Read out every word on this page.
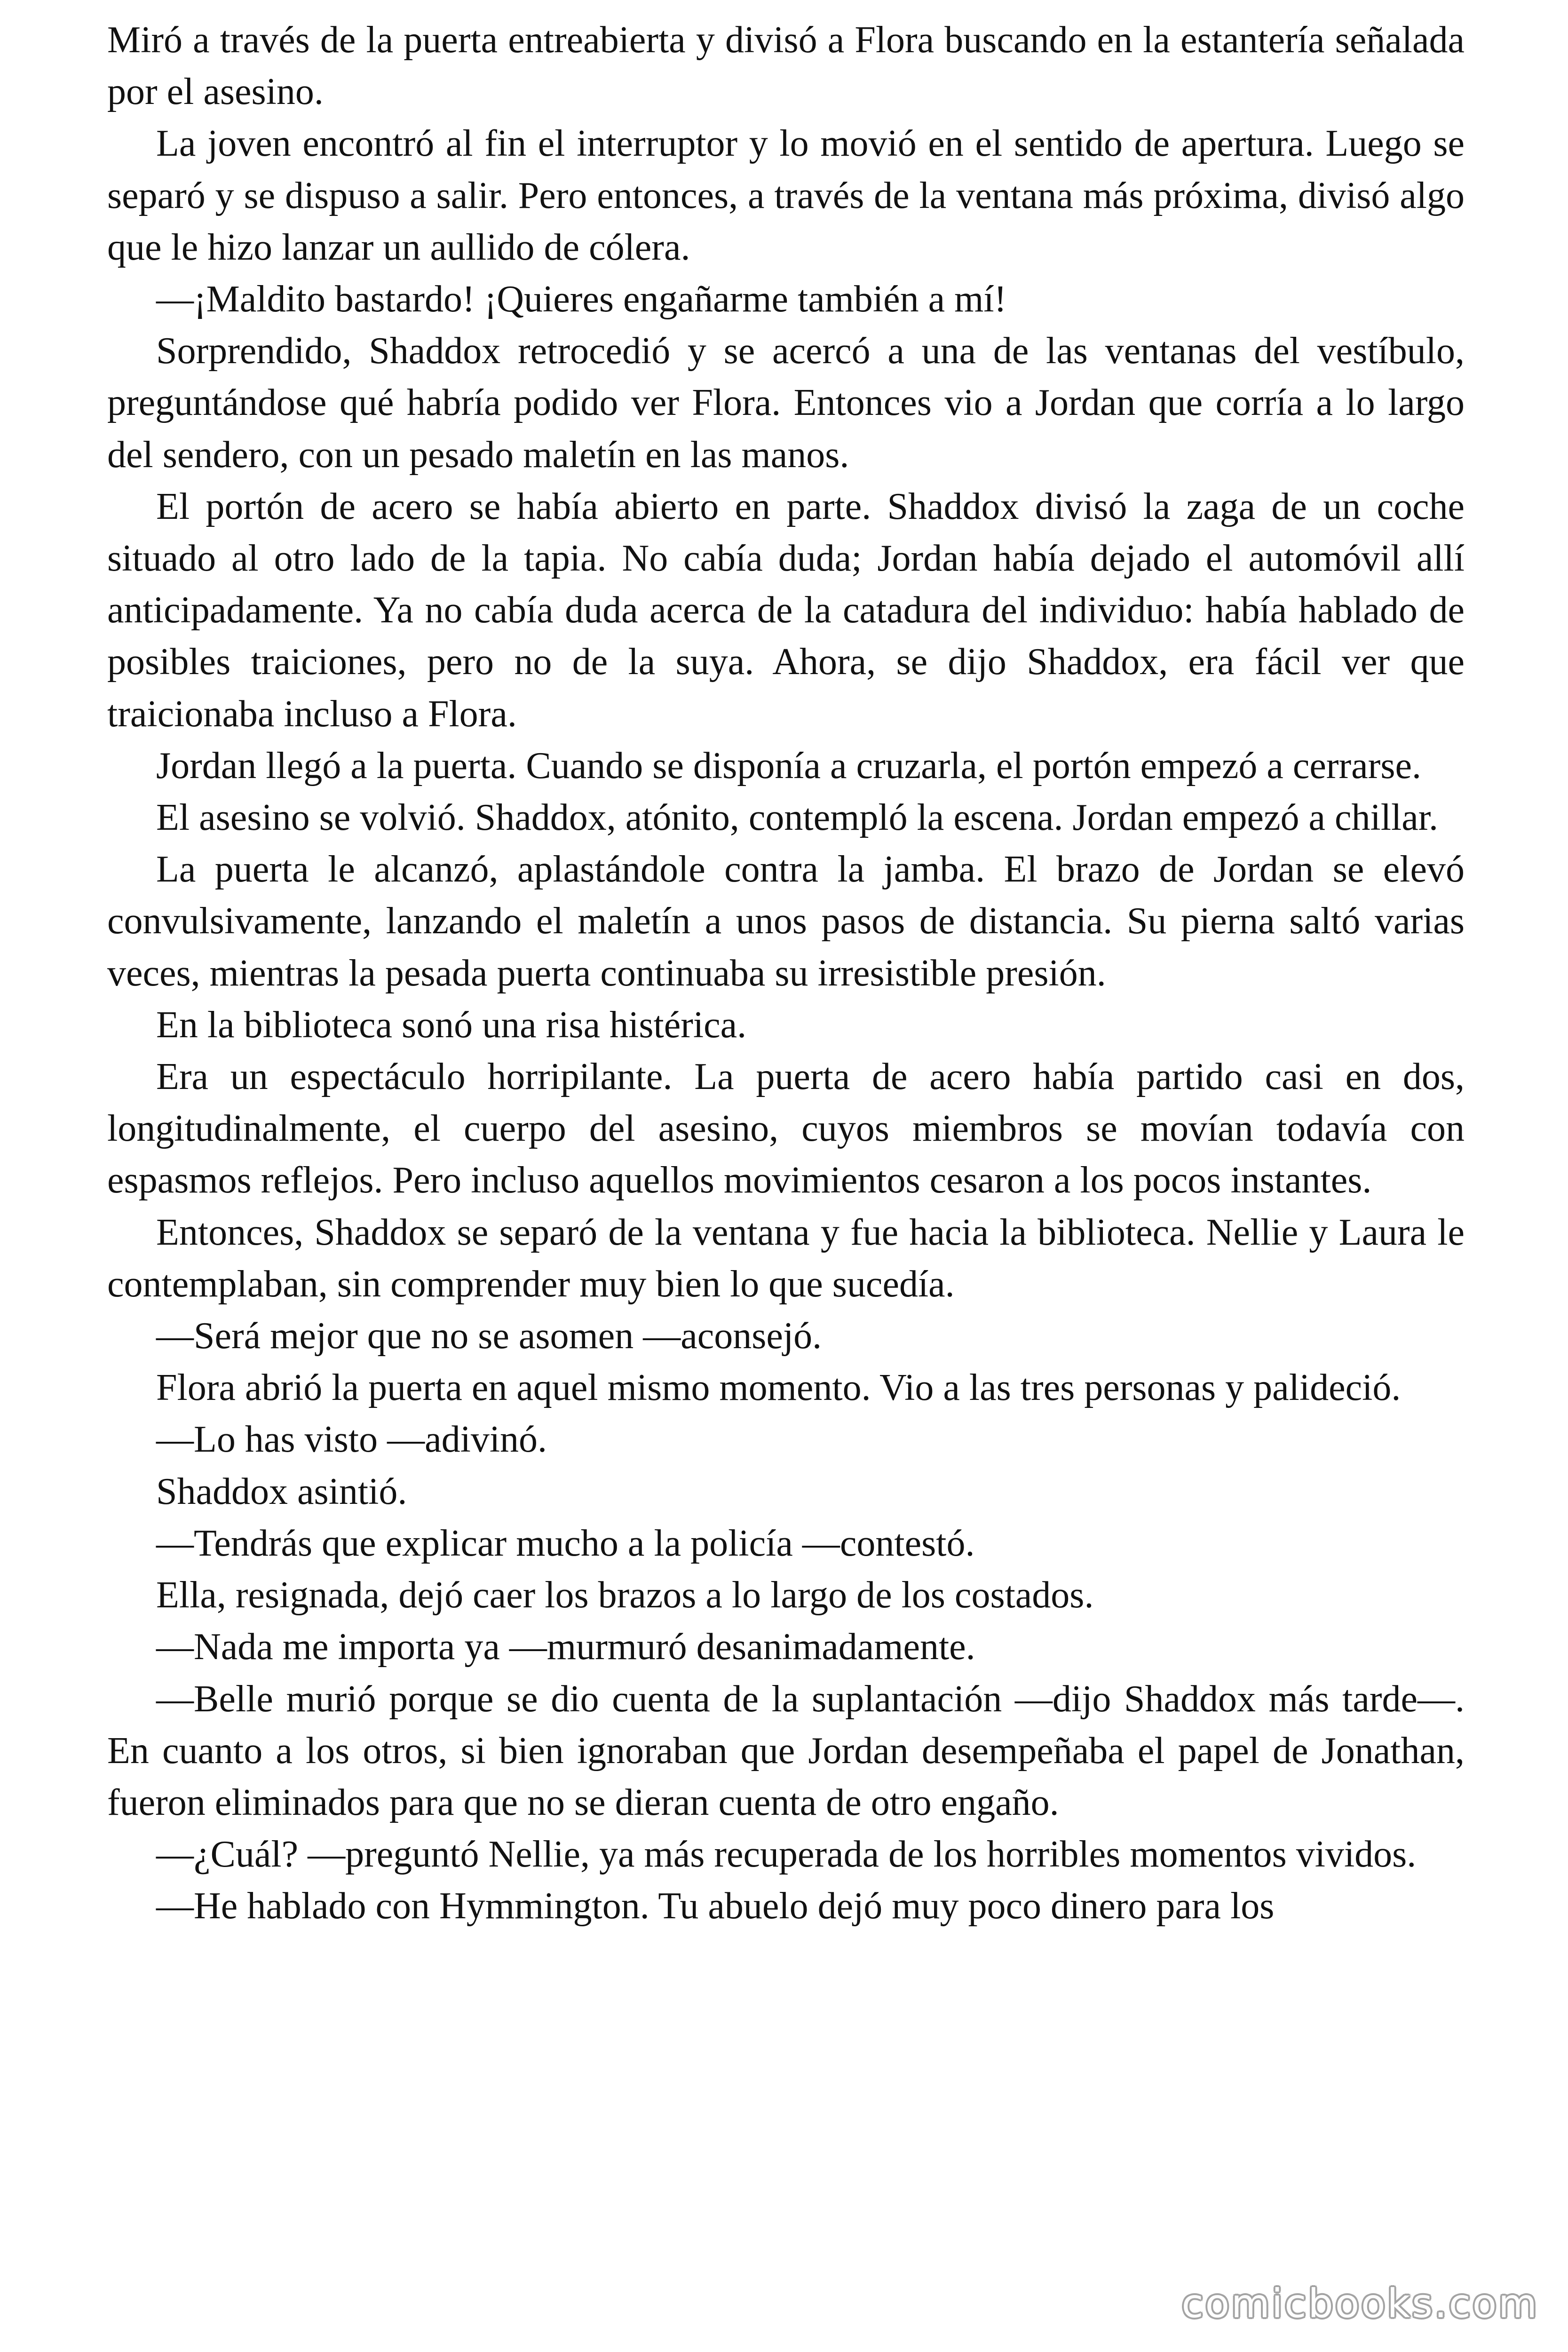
Miró a través de la puerta entreabierta y divisó a Flora buscando en la estantería señalada por el asesino.

La joven encontró al fin el interruptor y lo movió en el sentido de apertura. Luego se separó y se dispuso a salir. Pero entonces, a través de la ventana más próxima, divisó algo que le hizo lanzar un aullido de cólera.

—¡Maldito bastardo! ¡Quieres engañarme también a mí!

Sorprendido, Shaddox retrocedió y se acercó a una de las ventanas del vestíbulo, preguntándose qué habría podido ver Flora. Entonces vio a Jordan que corría a lo largo del sendero, con un pesado maletín en las manos.

El portón de acero se había abierto en parte. Shaddox divisó la zaga de un coche situado al otro lado de la tapia. No cabía duda; Jordan había dejado el automóvil allí anticipadamente. Ya no cabía duda acerca de la catadura del individuo: había hablado de posibles traiciones, pero no de la suya. Ahora, se dijo Shaddox, era fácil ver que traicionaba incluso a Flora.

Jordan llegó a la puerta. Cuando se disponía a cruzarla, el portón empezó a cerrarse.

El asesino se volvió. Shaddox, atónito, contempló la escena. Jordan empezó a chillar.

La puerta le alcanzó, aplastándole contra la jamba. El brazo de Jordan se elevó convulsivamente, lanzando el maletín a unos pasos de distancia. Su pierna saltó varias veces, mientras la pesada puerta continuaba su irresistible presión.

En la biblioteca sonó una risa histérica.

Era un espectáculo horripilante. La puerta de acero había partido casi en dos, longitudinalmente, el cuerpo del asesino, cuyos miembros se movían todavía con espasmos reflejos. Pero incluso aquellos movimientos cesaron a los pocos instantes.

Entonces, Shaddox se separó de la ventana y fue hacia la biblioteca. Nellie y Laura le contemplaban, sin comprender muy bien lo que sucedía.

—Será mejor que no se asomen —aconsejó.

Flora abrió la puerta en aquel mismo momento. Vio a las tres personas y palideció.

—Lo has visto —adivinó.

Shaddox asintió.

—Tendrás que explicar mucho a la policía —contestó.

Ella, resignada, dejó caer los brazos a lo largo de los costados.

—Nada me importa ya —murmuró desanimadamente.

—Belle murió porque se dio cuenta de la suplantación —dijo Shaddox más tarde—. En cuanto a los otros, si bien ignoraban que Jordan desempeñaba el papel de Jonathan, fueron eliminados para que no se dieran cuenta de otro engaño.

—¿Cuál? —preguntó Nellie, ya más recuperada de los horribles momentos vividos.

—He hablado con Hymmington. Tu abuelo dejó muy poco dinero para los

comicbooks.com
